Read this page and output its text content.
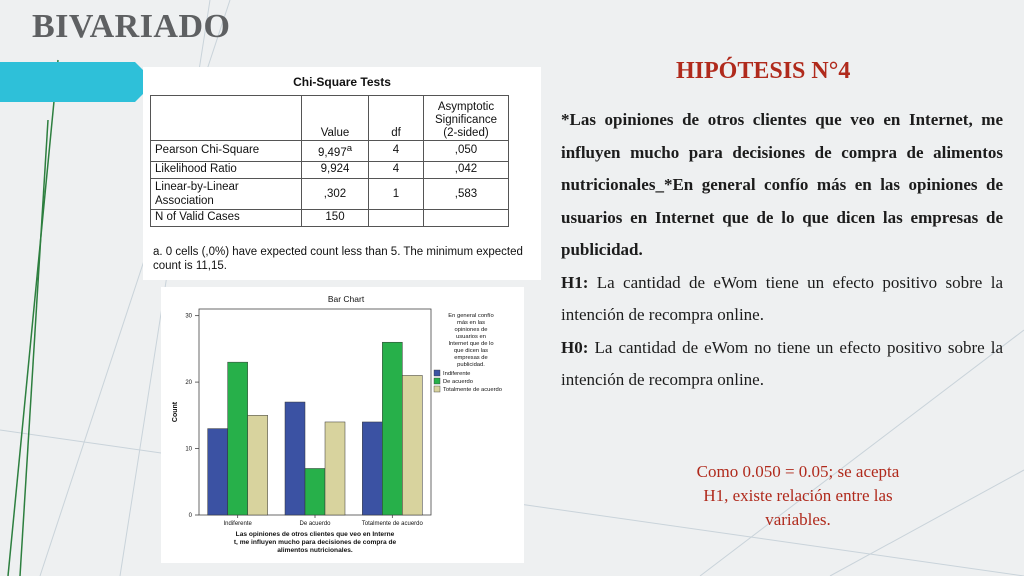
BIVARIADO
HIPÓTESIS N°4

*Las opiniones de otros clientes que veo en Internet, me influyen mucho para decisiones de compra de alimentos nutricionales_*En general confío más en las opiniones de usuarios en Internet que de lo que dicen las empresas de publicidad.

H1: La cantidad de eWom tiene un efecto positivo sobre la intención de recompra online.

H0: La cantidad de eWom no tiene un efecto positivo sobre la intención de recompra online.

Como 0.050 = 0.05; se acepta H1, existe relación entre las variables.
Chi-Square Tests
	Value	df	Asymptotic Significance (2-sided)
Pearson Chi-Square	9,497$^a$	4	,050
Likelihood Ratio	9,924	4	,042
Linear-by-Linear Association	,302	1	,583
N of Valid Cases	150		
a. 0 cells (,0%) have expected count less than 5. The minimum expected count is 11,15.
Bar Chart
0
10
20
30
Count
Indiferente	De acuerdo	Totalmente de acuerdo
Las opiniones de otros clientes que veo en Interne
t, me influyen mucho para decisiones de compra de
alimentos nutricionales.
En general confío
más en las
opiniones de
usuarios en
Internet que de lo
que dicen las
empresas de
publicidad.
Indiferente
De acuerdo
Totalmente de acuerdo
